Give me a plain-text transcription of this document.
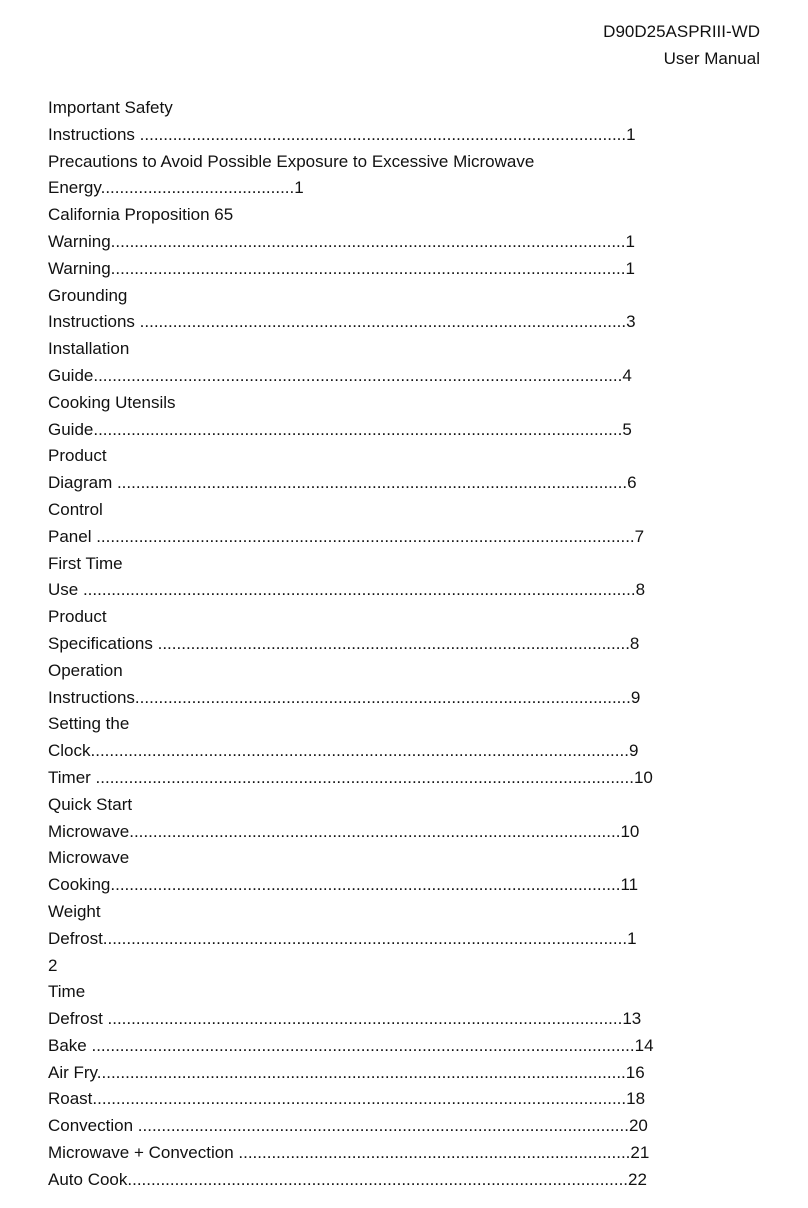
D90D25ASPRIII-WD
User Manual
Important Safety
Instructions .......................................................................................................1
Precautions to Avoid Possible Exposure to Excessive Microwave
Energy.........................................1
California Proposition 65
Warning.............................................................................................................1
Warning.............................................................................................................1
Grounding
Instructions .......................................................................................................3
Installation
Guide................................................................................................................4
Cooking Utensils
Guide................................................................................................................5
Product
Diagram ............................................................................................................6
Control
Panel ..................................................................................................................7
First Time
Use .....................................................................................................................8
Product
Specifications ....................................................................................................8
Operation
Instructions.........................................................................................................9
Setting the
Clock..................................................................................................................9
Timer ..................................................................................................................10
Quick Start
Microwave........................................................................................................10
Microwave
Cooking............................................................................................................11
Weight
Defrost...............................................................................................................1
2
Time
Defrost .............................................................................................................13
Bake ...................................................................................................................14
Air Fry................................................................................................................16
Roast.................................................................................................................18
Convection ........................................................................................................20
Microwave + Convection ...................................................................................21
Auto Cook..........................................................................................................22
